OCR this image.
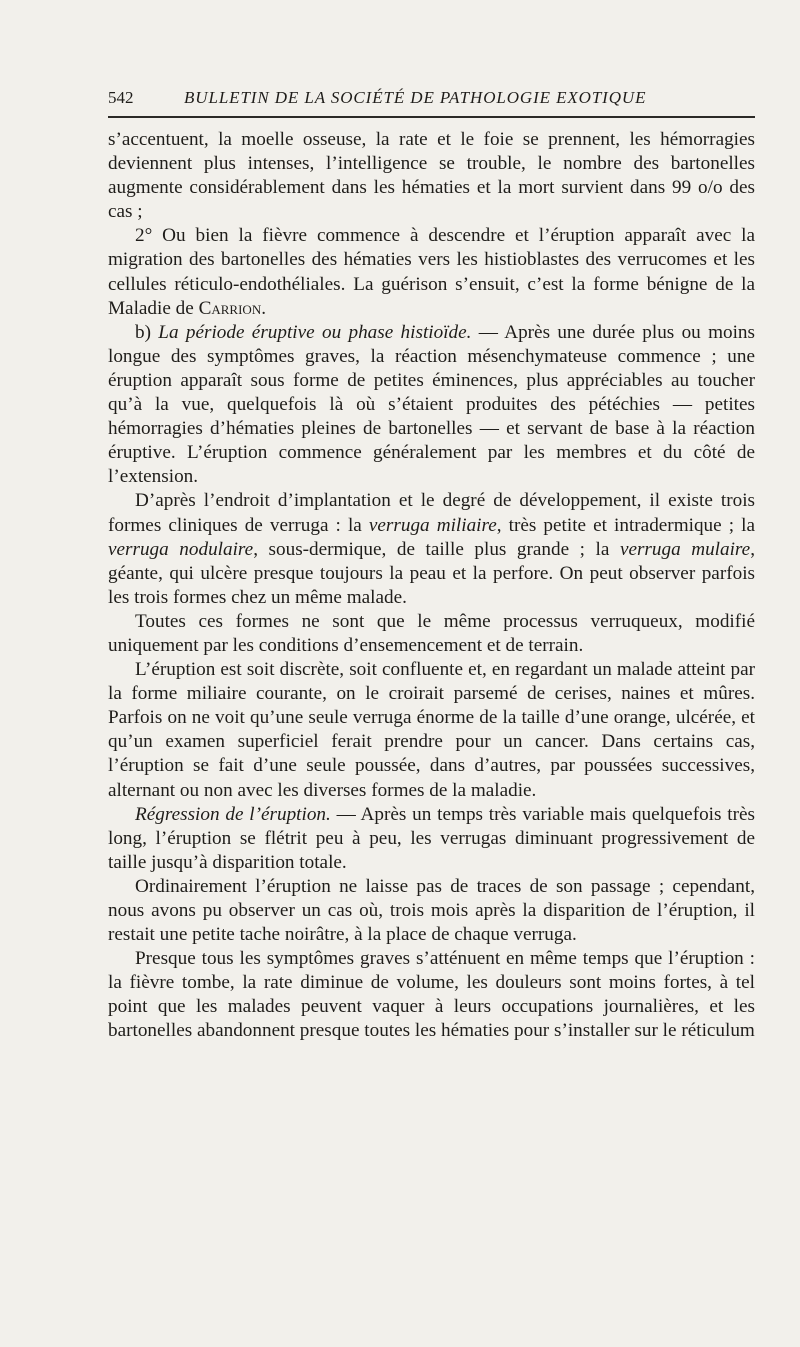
542	BULLETIN DE LA SOCIÉTÉ DE PATHOLOGIE EXOTIQUE

s’accentuent, la moelle osseuse, la rate et le foie se prennent, les hémorragies deviennent plus intenses, l’intelligence se trouble, le nombre des bartonelles augmente considérablement dans les hématies et la mort survient dans 99 o/o des cas ;

2° Ou bien la fièvre commence à descendre et l’éruption apparaît avec la migration des bartonelles des hématies vers les histioblastes des verrucomes et les cellules réticulo-endothéliales. La guérison s’ensuit, c’est la forme bénigne de la Maladie de Carrion.

b) La période éruptive ou phase histioïde. — Après une durée plus ou moins longue des symptômes graves, la réaction mésenchymateuse commence ; une éruption apparaît sous forme de petites éminences, plus appréciables au toucher qu’à la vue, quelquefois là où s’étaient produites des pétéchies — petites hémorragies d’hématies pleines de bartonelles — et servant de base à la réaction éruptive. L’éruption commence généralement par les membres et du côté de l’extension.

D’après l’endroit d’implantation et le degré de développement, il existe trois formes cliniques de verruga : la verruga miliaire, très petite et intradermique ; la verruga nodulaire, sous-dermique, de taille plus grande ; la verruga mulaire, géante, qui ulcère presque toujours la peau et la perfore. On peut observer parfois les trois formes chez un même malade.

Toutes ces formes ne sont que le même processus verruqueux, modifié uniquement par les conditions d’ensemencement et de terrain.

L’éruption est soit discrète, soit confluente et, en regardant un malade atteint par la forme miliaire courante, on le croirait parsemé de cerises, naines et mûres. Parfois on ne voit qu’une seule verruga énorme de la taille d’une orange, ulcérée, et qu’un examen superficiel ferait prendre pour un cancer. Dans certains cas, l’éruption se fait d’une seule poussée, dans d’autres, par poussées successives, alternant ou non avec les diverses formes de la maladie.

Régression de l’éruption. — Après un temps très variable mais quelquefois très long, l’éruption se flétrit peu à peu, les verrugas diminuant progressivement de taille jusqu’à disparition totale.

Ordinairement l’éruption ne laisse pas de traces de son passage ; cependant, nous avons pu observer un cas où, trois mois après la disparition de l’éruption, il restait une petite tache noirâtre, à la place de chaque verruga.

Presque tous les symptômes graves s’atténuent en même temps que l’éruption : la fièvre tombe, la rate diminue de volume, les douleurs sont moins fortes, à tel point que les malades peuvent vaquer à leurs occupations journalières, et les bartonelles abandonnent presque toutes les hématies pour s’installer sur le réticulum
